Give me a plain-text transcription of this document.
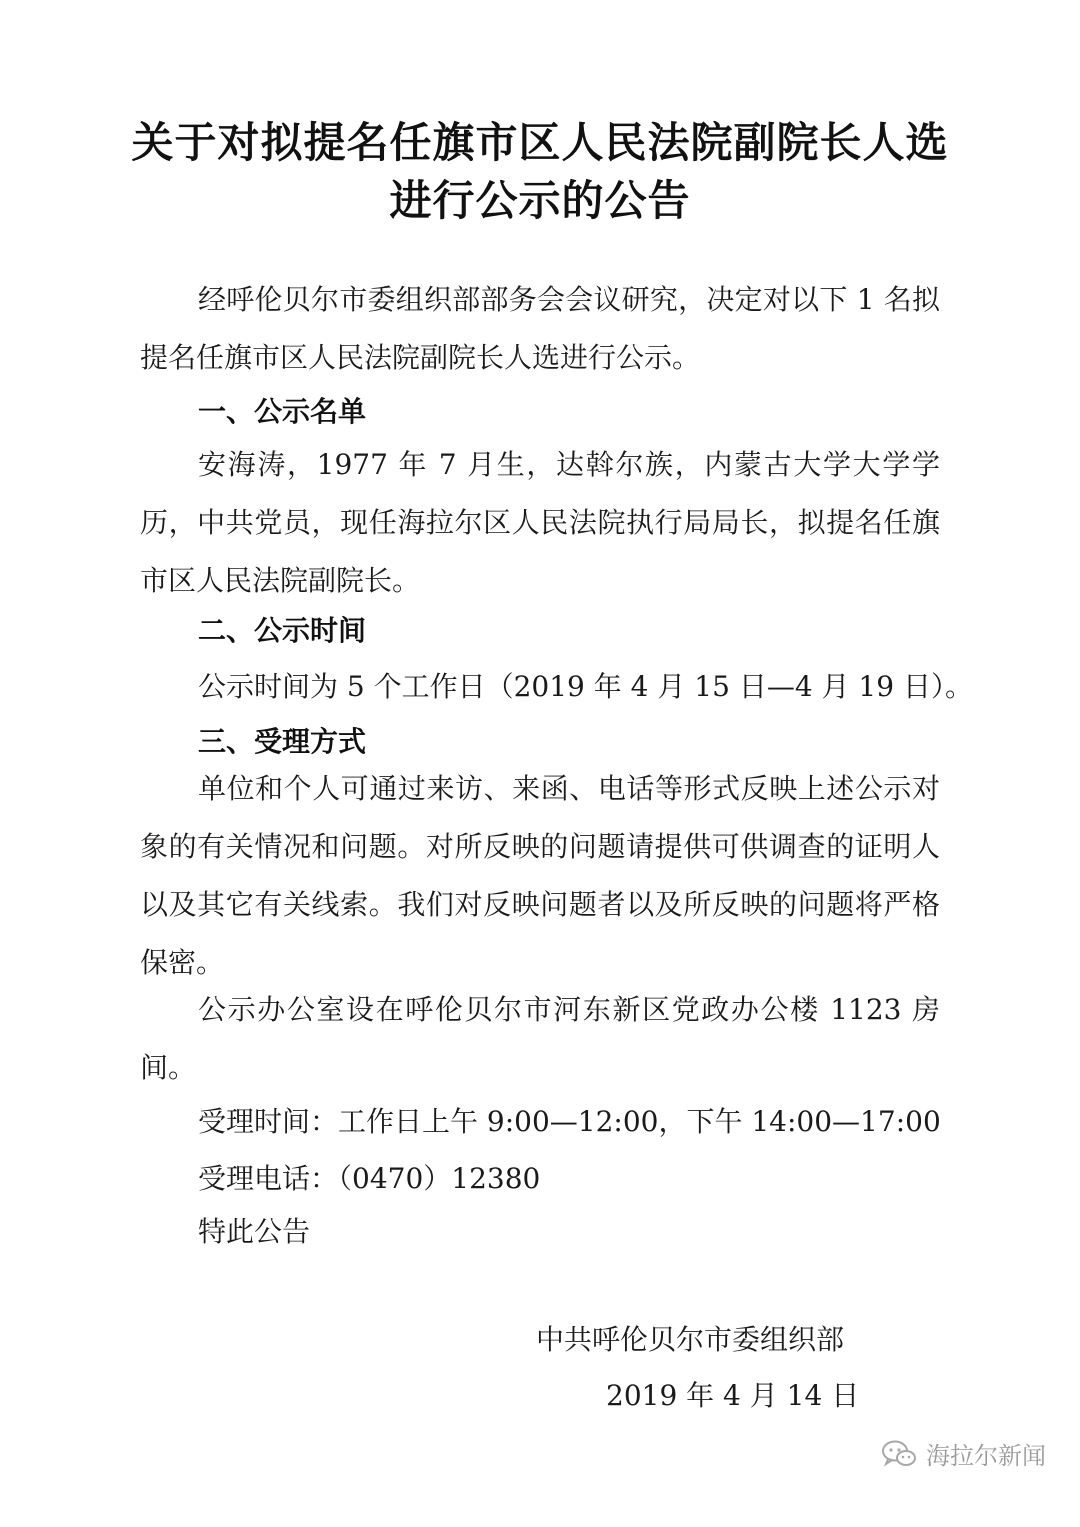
关于对拟提名任旗市区人民法院副院长人选
进行公示的公告

经呼伦贝尔市委组织部部务会会议研究，决定对以下 1 名拟提名任旗市区人民法院副院长人选进行公示。

一、公示名单

安海涛，1977 年 7 月生，达斡尔族，内蒙古大学大学学历，中共党员，现任海拉尔区人民法院执行局局长，拟提名任旗市区人民法院副院长。

二、公示时间

公示时间为 5 个工作日（2019 年 4 月 15 日—4 月 19 日）。

三、受理方式

单位和个人可通过来访、来函、电话等形式反映上述公示对象的有关情况和问题。对所反映的问题请提供可供调查的证明人以及其它有关线索。我们对反映问题者以及所反映的问题将严格保密。

公示办公室设在呼伦贝尔市河东新区党政办公楼 1123 房间。

受理时间：工作日上午 9:00—12:00，下午 14:00—17:00

受理电话：（0470）12380

特此公告

中共呼伦贝尔市委组织部

2019 年 4 月 14 日

海拉尔新闻
